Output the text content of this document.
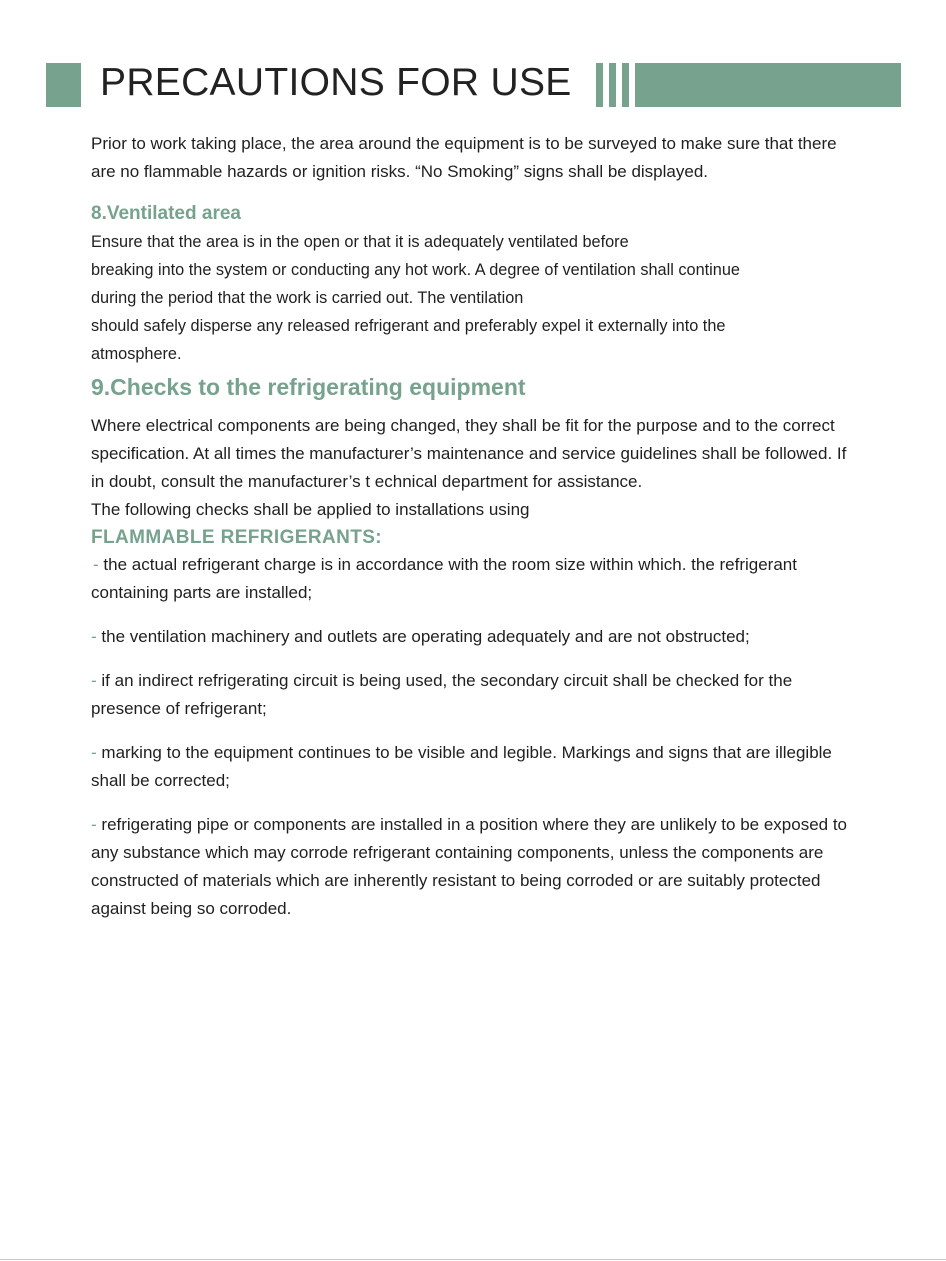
PRECAUTIONS FOR USE

Prior to work taking place, the area around the equipment is to be surveyed to make sure that there are no flammable hazards or ignition risks. “No Smoking” signs shall be displayed.

8.Ventilated area

Ensure that the area is in the open or that it is adequately ventilated before
breaking into the system or conducting any hot work. A degree of ventilation shall continue
during the period that the work is carried out. The ventilation
should safely disperse any released refrigerant and preferably expel it externally into the
atmosphere.

9.Checks to the refrigerating equipment

Where electrical components are being changed, they shall be fit for the purpose and to the correct specification. At all times the manufacturer’s maintenance and service guidelines shall be followed. If in doubt, consult the manufacturer’s t echnical department for assistance.

The following checks shall be applied to installations using

FLAMMABLE REFRIGERANTS:

- the actual refrigerant charge is in accordance with the room size within which. the refrigerant containing parts are installed;

- the ventilation machinery and outlets are operating adequately and are not obstructed;

- if an indirect refrigerating circuit is being used, the secondary circuit shall be checked for the presence of refrigerant;

- marking to the equipment continues to be visible and legible. Markings and signs that are illegible shall be corrected;

- refrigerating pipe or components are installed in a position where they are unlikely to be exposed to any substance which may corrode refrigerant containing components, unless the components are constructed of materials which are inherently resistant to being corroded or are suitably protected against being so corroded.
